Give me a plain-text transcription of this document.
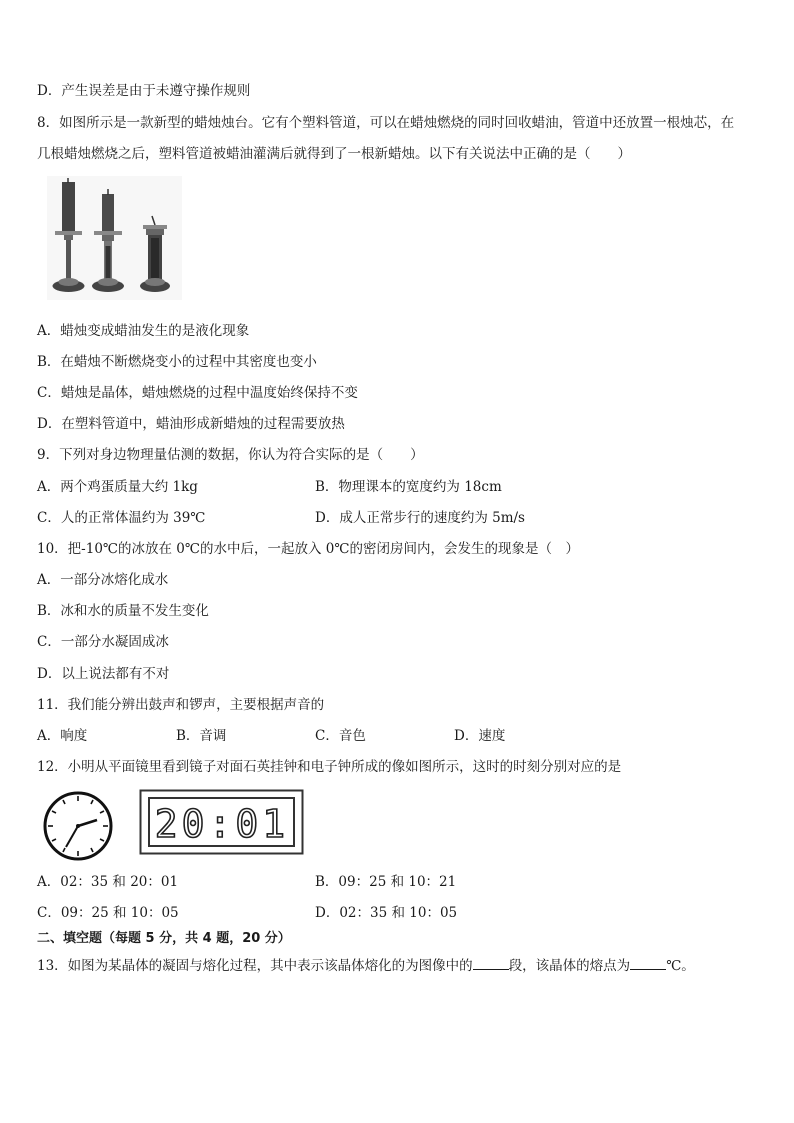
D．产生误差是由于未遵守操作规则
8．如图所示是一款新型的蜡烛烛台。它有个塑料管道，可以在蜡烛燃烧的同时回收蜡油，管道中还放置一根烛芯，在
几根蜡烛燃烧之后，塑料管道被蜡油灌满后就得到了一根新蜡烛。以下有关说法中正确的是（　　）
A．蜡烛变成蜡油发生的是液化现象
B．在蜡烛不断燃烧变小的过程中其密度也变小
C．蜡烛是晶体，蜡烛燃烧的过程中温度始终保持不变
D．在塑料管道中，蜡油形成新蜡烛的过程需要放热
9．下列对身边物理量估测的数据，你认为符合实际的是（　　）
A．两个鸡蛋质量大约 1kg	B．物理课本的宽度约为 18cm
C．人的正常体温约为 39℃	D．成人正常步行的速度约为 5m/s
10．把-10℃的冰放在 0℃的水中后，一起放入 0℃的密闭房间内，会发生的现象是（　）
A．一部分冰熔化成水
B．冰和水的质量不发生变化
C．一部分水凝固成冰
D．以上说法都有不对
11．我们能分辨出鼓声和锣声，主要根据声音的
A．响度	B．音调	C．音色	D．速度
12．小明从平面镜里看到镜子对面石英挂钟和电子钟所成的像如图所示，这时的时刻分别对应的是
20:01
A．02：35 和 20：01	B．09：25 和 10：21
C．09：25 和 10：05	D．02：35 和 10：05
二、填空题（每题 5 分，共 4 题，20 分）
13．如图为某晶体的凝固与熔化过程，其中表示该晶体熔化的为图像中的	段，该晶体的熔点为	℃。
